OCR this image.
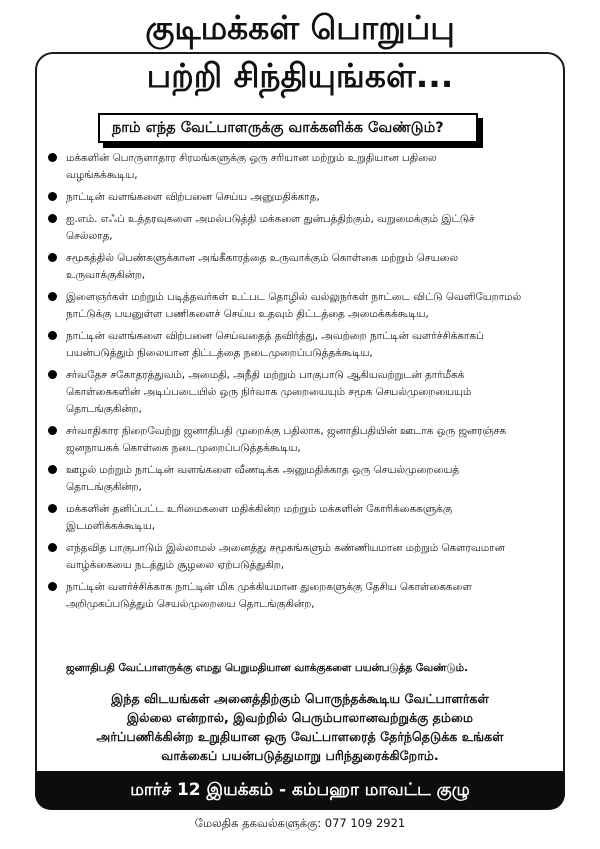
குடிமக்கள் பொறுப்பு
பற்றி சிந்தியுங்கள்...
நாம் எந்த வேட்பாளருக்கு வாக்களிக்க வேண்டும்?
மக்களின் பொருளாதார சிரமங்களுக்கு ஒரு சரியான மற்றும் உறுதியான பதிலை
வழங்கக்கூடிய,
நாட்டின் வளங்களை விற்பனை செய்ய அனுமதிக்காத,
ஐ.எம். எஃப் உத்தரவுகளை அமல்படுத்தி மக்களை துன்பத்திற்கும், வறுமைக்கும் இட்டுச்
செல்லாத,
சமூகத்தில் பெண்களுக்கான அங்கீகாரத்தை உருவாக்கும் கொள்கை மற்றும் செயலை
உருவாக்குகின்ற,
இளைஞர்கள் மற்றும் படித்தவர்கள் உட்பட தொழில் வல்லுநர்கள் நாட்டை விட்டு வெளியேறாமல்
நாட்டுக்கு பயனுள்ள பணிகளைச் செய்ய உதவும் திட்டத்தை அமைக்கக்கூடிய,
நாட்டின் வளங்களை விற்பனை செய்வதைத் தவிர்த்து, அவற்றை நாட்டின் வளர்ச்சிக்காகப்
பயன்படுத்தும் நிலையான திட்டத்தை நடைமுறைப்படுத்தக்கூடிய,
சர்வதேச சகோதரத்துவம், அமைதி, அநீதி மற்றும் பாகுபாடு ஆகியவற்றுடன் தார்மீகக்
கொள்கைகளின் அடிப்படையில் ஒரு நிர்வாக முறையையும் சமூக செயல்முறையையும்
தொடங்குகின்ற,
சர்வாதிகார நிறைவேற்று ஜனாதிபதி முறைக்கு பதிலாக, ஜனாதிபதியின் ஊடாக ஒரு ஜனரஞ்சக
ஜனநாயகக் கொள்கை நடைமுறைப்படுத்தக்கூடிய,
ஊழல் மற்றும் நாட்டின் வளங்களை வீணடிக்க அனுமதிக்காத ஒரு செயல்முறையைத்
தொடங்குகின்ற,
மக்களின் தனிப்பட்ட உரிமைகளை மதிக்கின்ற மற்றும் மக்களின் கோரிக்கைகளுக்கு
இடமளிக்கக்கூடிய,
எந்தவித பாகுபாடும் இல்லாமல் அனைத்து சமூகங்களும் கண்ணியமான மற்றும் கௌரவமான
வாழ்க்கையை நடத்தும் சூழலை ஏற்படுத்துகிற,
நாட்டின் வளர்ச்சிக்காக நாட்டின் மிக முக்கியமான துறைகளுக்கு தேசிய கொள்கைகளை
அறிமுகப்படுத்தும் செயல்முறையை தொடங்குகின்ற,
ஜனாதிபதி வேட்பாளருக்கு எமது பெறுமதியான வாக்குகளை பயன்படுத்த வேண்டும்.
இந்த விடயங்கள் அனைத்திற்கும் பொருந்தக்கூடிய வேட்பாளர்கள்
இல்லை என்றால், இவற்றில் பெரும்பாலானவற்றுக்கு தம்மை
அர்ப்பணிக்கின்ற உறுதியான ஒரு வேட்பாளரைத் தேர்ந்தெடுக்க உங்கள்
வாக்கைப் பயன்படுத்துமாறு பரிந்துரைக்கிறோம்.
மார்ச் 12 இயக்கம் - கம்பஹா மாவட்ட குழு
மேலதிக தகவல்களுக்கு: 077 109 2921
